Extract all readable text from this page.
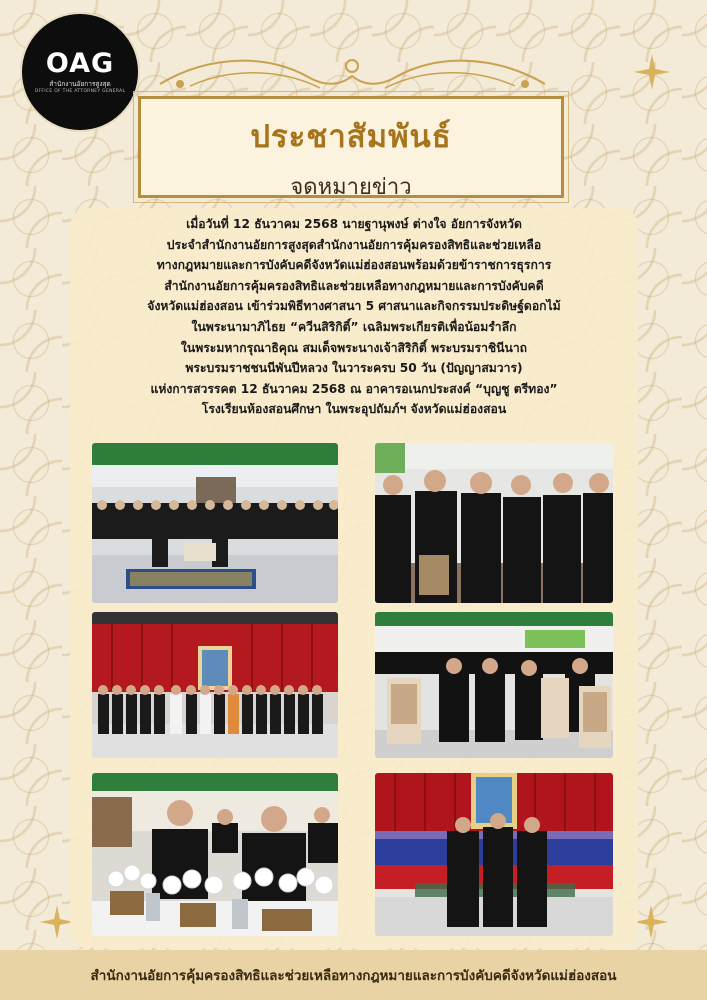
OAG
สำนักงานอัยการสูงสุด
OFFICE OF THE ATTORNEY GENERAL
ประชาสัมพันธ์
จดหมายข่าว
เมื่อวันที่ 12 ธันวาคม 2568 นายฐานุพงษ์ ต่างใจ อัยการจังหวัด
ประจำสำนักงานอัยการสูงสุดสำนักงานอัยการคุ้มครองสิทธิและช่วยเหลือ
ทางกฎหมายและการบังคับคดีจังหวัดแม่ฮ่องสอนพร้อมด้วยข้าราชการธุรการ
สำนักงานอัยการคุ้มครองสิทธิและช่วยเหลือทางกฎหมายและการบังคับคดี
จังหวัดแม่ฮ่องสอน เข้าร่วมพิธีทางศาสนา 5 ศาสนาและกิจกรรมประดิษฐ์ดอกไม้
ในพระนามาภิไธย “ควีนสิริกิติ์” เฉลิมพระเกียรติเพื่อน้อมรำลึก
ในพระมหากรุณาธิคุณ สมเด็จพระนางเจ้าสิริกิติ์ พระบรมราชินีนาถ
พระบรมราชชนนีพันปีหลวง ในวาระครบ 50 วัน (ปัญญาสมวาร)
แห่งการสวรรคต 12 ธันวาคม 2568 ณ อาคารอเนกประสงค์ “บุญชู ตรีทอง”
โรงเรียนห้องสอนศึกษา ในพระอุปถัมภ์ฯ จังหวัดแม่ฮ่องสอน
สำนักงานอัยการคุ้มครองสิทธิและช่วยเหลือทางกฎหมายและการบังคับคดีจังหวัดแม่ฮ่องสอน
